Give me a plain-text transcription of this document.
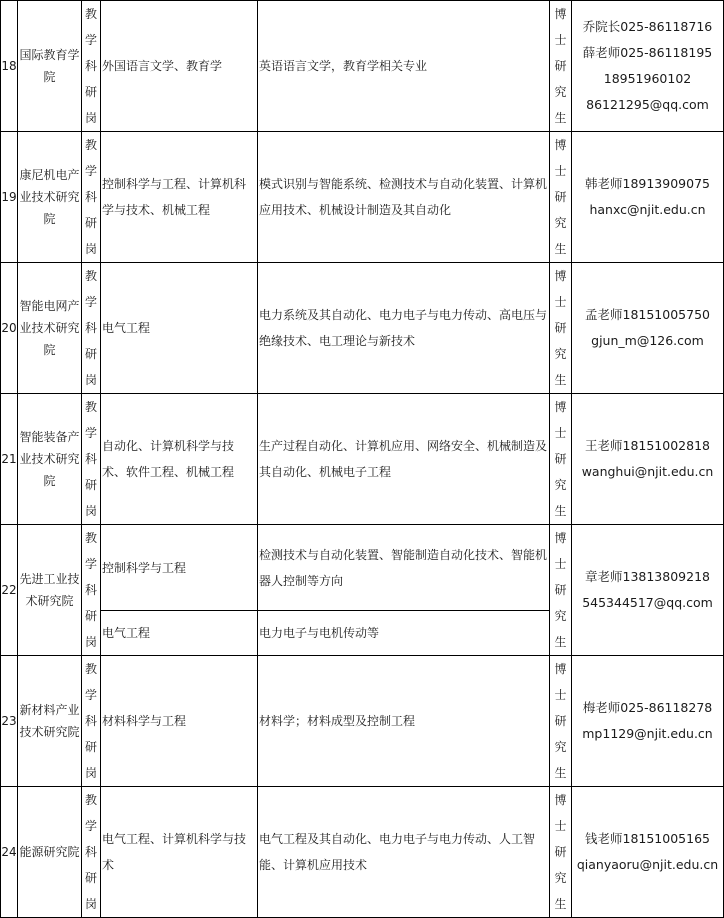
18	国际教育学院	教
学
科
研
岗	外国语言文学、教育学	英语语言文学，教育学相关专业	博
士
研
究
生	乔院长025-86118716
薛老师025-86118195
18951960102
86121295@qq.com

19	康尼机电产业技术研究院	教
学
科
研
岗	控制科学与工程、计算机科学与技术、机械工程	模式识别与智能系统、检测技术与自动化装置、计算机应用技术、机械设计制造及其自动化	博
士
研
究
生	韩老师18913909075
hanxc@njit.edu.cn

20	智能电网产业技术研究院	教
学
科
研
岗	电气工程	电力系统及其自动化、电力电子与电力传动、高电压与绝缘技术、电工理论与新技术	博
士
研
究
生	孟老师18151005750
gjun_m@126.com

21	智能装备产业技术研究院	教
学
科
研
岗	自动化、计算机科学与技术、软件工程、机械工程	生产过程自动化、计算机应用、网络安全、机械制造及其自动化、机械电子工程	博
士
研
究
生	王老师18151002818
wanghui@njit.edu.cn

22	先进工业技术研究院	教
学
科
研
岗	控制科学与工程	检测技术与自动化装置、智能制造自动化技术、智能机器人控制等方向	博
士
研
究
生	章老师13813809218
545344517@qq.com

			电气工程	电力电子与电机传动等		
23	新材料产业技术研究院	教
学
科
研
岗	材料科学与工程	材料学；材料成型及控制工程	博
士
研
究
生	梅老师025-86118278
mp1129@njit.edu.cn

24	能源研究院	教
学
科
研
岗	电气工程、计算机科学与技术	电气工程及其自动化、电力电子与电力传动、人工智能、计算机应用技术	博
士
研
究
生	钱老师18151005165
qianyaoru@njit.edu.cn
